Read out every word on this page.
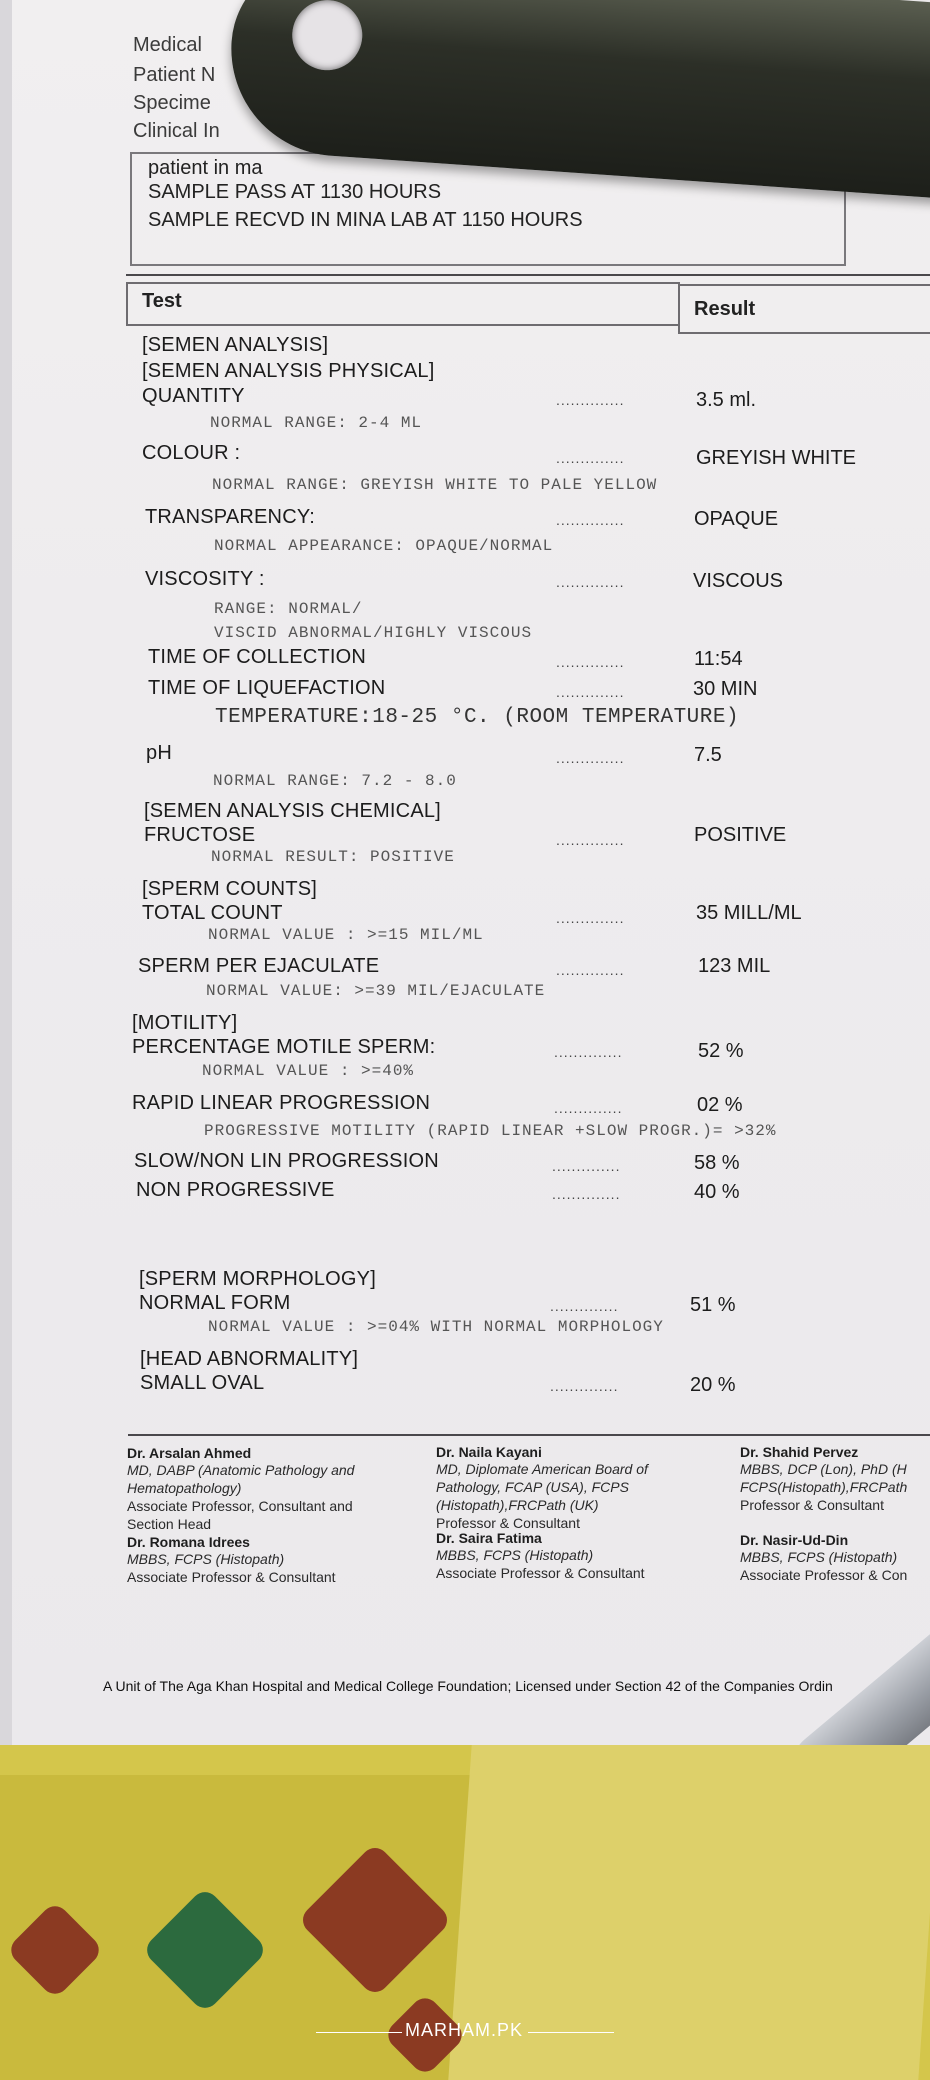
Medical
Patient N
Specime
Clinical In
patient in ma
SAMPLE PASS AT 1130 HOURS
SAMPLE RECVD IN MINA LAB AT 1150 HOURS
Test	Result
[SEMEN ANALYSIS]
[SEMEN ANALYSIS PHYSICAL]
QUANTITY	..............	3.5 ml.
NORMAL RANGE: 2-4 ML
COLOUR :	..............	GREYISH WHITE
NORMAL RANGE: GREYISH WHITE TO PALE YELLOW
TRANSPARENCY:	..............	OPAQUE
NORMAL APPEARANCE: OPAQUE/NORMAL
VISCOSITY :	..............	VISCOUS
RANGE: NORMAL/
VISCID ABNORMAL/HIGHLY VISCOUS
TIME OF COLLECTION	..............	11:54
TIME OF LIQUEFACTION	..............	30 MIN
TEMPERATURE:18-25 °C. (ROOM TEMPERATURE)
pH	..............	7.5
NORMAL RANGE: 7.2 - 8.0
[SEMEN ANALYSIS CHEMICAL]
FRUCTOSE	..............	POSITIVE
NORMAL RESULT: POSITIVE
[SPERM COUNTS]
TOTAL COUNT	..............	35 MILL/ML
NORMAL VALUE : >=15 MIL/ML
SPERM PER EJACULATE	..............	123 MIL
NORMAL VALUE: >=39 MIL/EJACULATE
[MOTILITY]
PERCENTAGE MOTILE SPERM:	..............	52 %
NORMAL VALUE : >=40%
RAPID LINEAR PROGRESSION	..............	02 %
PROGRESSIVE MOTILITY (RAPID LINEAR +SLOW PROGR.)= >32%
SLOW/NON LIN PROGRESSION	..............	58 %
NON PROGRESSIVE	..............	40 %
[SPERM MORPHOLOGY]
NORMAL FORM	..............	51 %
NORMAL VALUE : >=04% WITH NORMAL MORPHOLOGY
[HEAD ABNORMALITY]
SMALL OVAL	..............	20 %
Dr. Arsalan Ahmed
MD, DABP (Anatomic Pathology and
Hematopathology)
Associate Professor, Consultant and
Section Head
Dr. Naila Kayani
MD, Diplomate American Board of
Pathology, FCAP (USA), FCPS
(Histopath),FRCPath (UK)
Professor & Consultant
Dr. Shahid Pervez
MBBS, DCP (Lon), PhD (H
FCPS(Histopath),FRCPath
Professor & Consultant
Dr. Romana Idrees
MBBS, FCPS (Histopath)
Associate Professor & Consultant
Dr. Saira Fatima
MBBS, FCPS (Histopath)
Associate Professor & Consultant
Dr. Nasir-Ud-Din
MBBS, FCPS (Histopath)
Associate Professor & Con
A Unit of The Aga Khan Hospital and Medical College Foundation; Licensed under Section 42 of the Companies Ordin
MARHAM.PK
